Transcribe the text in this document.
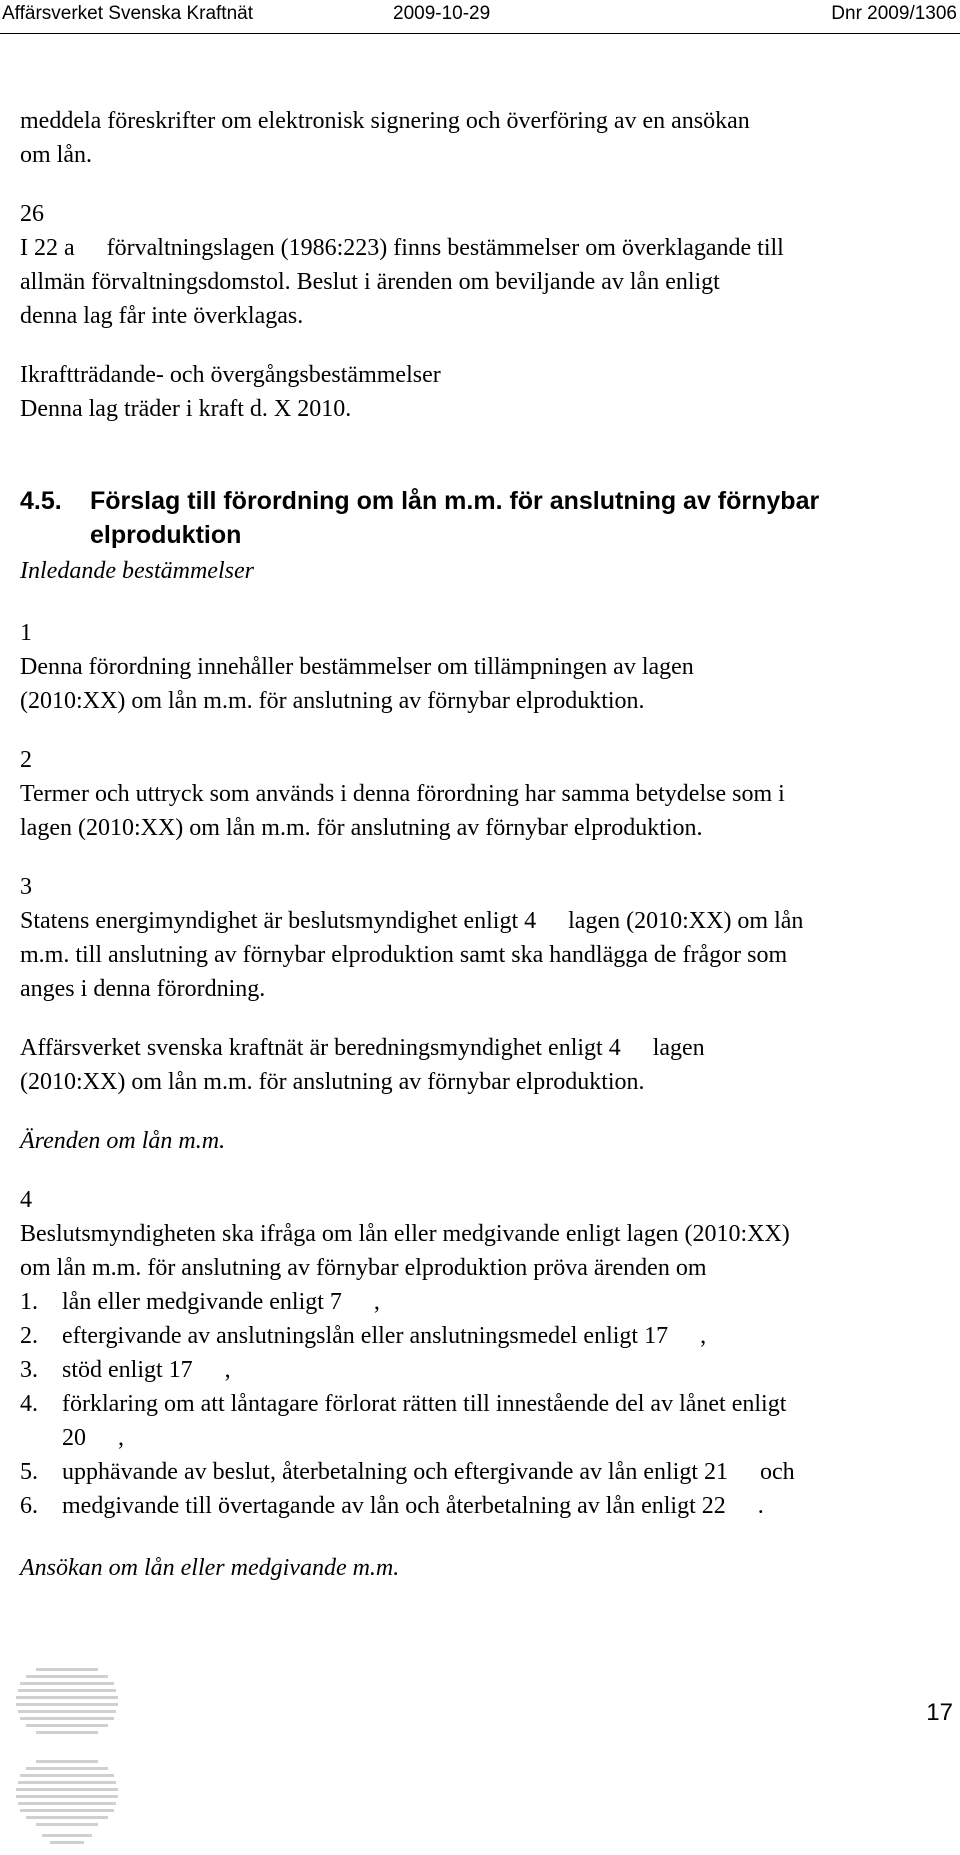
Affärsverket Svenska Kraftnät	2009-10-29	Dnr 2009/1306

meddela föreskrifter om elektronisk signering och överföring av en ansökan

om lån.

26

I 22 a förvaltningslagen (1986:223) finns bestämmelser om överklagande till

allmän förvaltningsdomstol. Beslut i ärenden om beviljande av lån enligt

denna lag får inte överklagas.

Ikraftträdande- och övergångsbestämmelser

Denna lag träder i kraft d. X 2010.

4.5. Förslag till förordning om lån m.m. för anslutning av förnybar
elproduktion

Inledande bestämmelser

1

Denna förordning innehåller bestämmelser om tillämpningen av lagen

(2010:XX) om lån m.m. för anslutning av förnybar elproduktion.

2

Termer och uttryck som används i denna förordning har samma betydelse som i

lagen (2010:XX) om lån m.m. för anslutning av förnybar elproduktion.

3

Statens energimyndighet är beslutsmyndighet enligt 4 lagen (2010:XX) om lån

m.m. till anslutning av förnybar elproduktion samt ska handlägga de frågor som

anges i denna förordning.

Affärsverket svenska kraftnät är beredningsmyndighet enligt 4 lagen

(2010:XX) om lån m.m. för anslutning av förnybar elproduktion.

Ärenden om lån m.m.

4

Beslutsmyndigheten ska ifråga om lån eller medgivande enligt lagen (2010:XX)

om lån m.m. för anslutning av förnybar elproduktion pröva ärenden om

1. lån eller medgivande enligt 7 ,
2. eftergivande av anslutningslån eller anslutningsmedel enligt 17 ,
3. stöd enligt 17 ,
4. förklaring om att låntagare förlorat rätten till innestående del av lånet enligt
20 ,
5. upphävande av beslut, återbetalning och eftergivande av lån enligt 21 och
6. medgivande till övertagande av lån och återbetalning av lån enligt 22 .

Ansökan om lån eller medgivande m.m.

17
